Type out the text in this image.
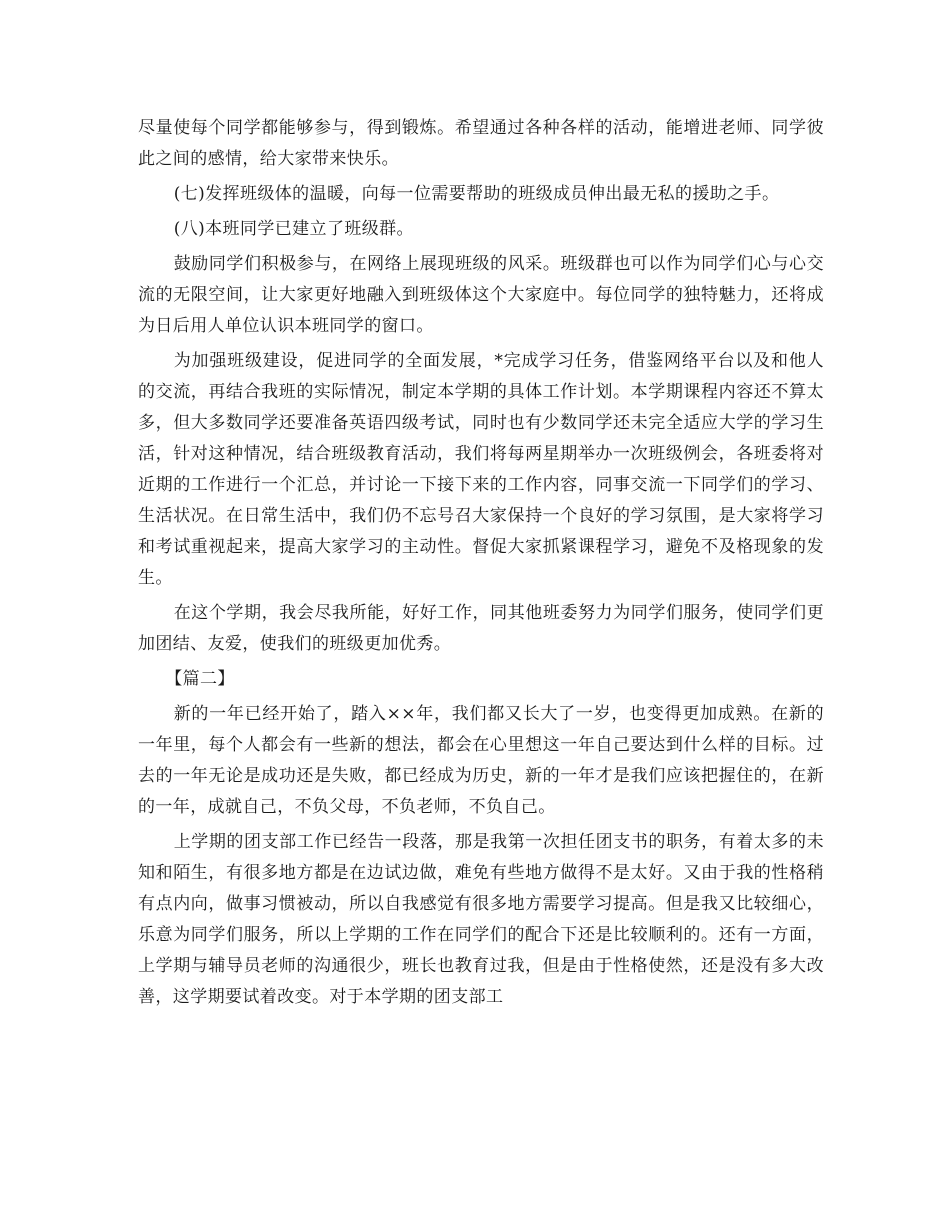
尽量使每个同学都能够参与，得到锻炼。希望通过各种各样的活动，能增进老师、同学彼此之间的感情，给大家带来快乐。

(七)发挥班级体的温暖，向每一位需要帮助的班级成员伸出最无私的援助之手。

(八)本班同学已建立了班级群。

鼓励同学们积极参与，在网络上展现班级的风采。班级群也可以作为同学们心与心交流的无限空间，让大家更好地融入到班级体这个大家庭中。每位同学的独特魅力，还将成为日后用人单位认识本班同学的窗口。

为加强班级建设，促进同学的全面发展，*完成学习任务，借鉴网络平台以及和他人的交流，再结合我班的实际情况，制定本学期的具体工作计划。本学期课程内容还不算太多，但大多数同学还要准备英语四级考试，同时也有少数同学还未完全适应大学的学习生活，针对这种情况，结合班级教育活动，我们将每两星期举办一次班级例会，各班委将对近期的工作进行一个汇总，并讨论一下接下来的工作内容，同事交流一下同学们的学习、生活状况。在日常生活中，我们仍不忘号召大家保持一个良好的学习氛围，是大家将学习和考试重视起来，提高大家学习的主动性。督促大家抓紧课程学习，避免不及格现象的发生。

在这个学期，我会尽我所能，好好工作，同其他班委努力为同学们服务，使同学们更加团结、友爱，使我们的班级更加优秀。

【篇二】

新的一年已经开始了，踏入××年，我们都又长大了一岁，也变得更加成熟。在新的一年里，每个人都会有一些新的想法，都会在心里想这一年自己要达到什么样的目标。过去的一年无论是成功还是失败，都已经成为历史，新的一年才是我们应该把握住的，在新的一年，成就自己，不负父母，不负老师，不负自己。

上学期的团支部工作已经告一段落，那是我第一次担任团支书的职务，有着太多的未知和陌生，有很多地方都是在边试边做，难免有些地方做得不是太好。又由于我的性格稍有点内向，做事习惯被动，所以自我感觉有很多地方需要学习提高。但是我又比较细心，乐意为同学们服务，所以上学期的工作在同学们的配合下还是比较顺利的。还有一方面，上学期与辅导员老师的沟通很少，班长也教育过我，但是由于性格使然，还是没有多大改善，这学期要试着改变。对于本学期的团支部工
